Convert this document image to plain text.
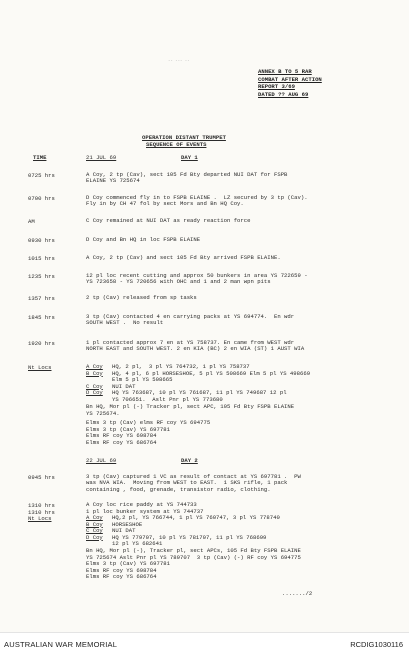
-- --- --
ANNEX B TO 5 RAR
COMBAT AFTER ACTION
REPORT 3/69
DATED ?? AUG 69
OPERATION DISTANT TRUMPET
SEQUENCE OF EVENTS
TIME	21 JUL 69	DAY 1
0725 hrs	A Coy, 2 tp (Cav), sect 105 Fd Bty departed NUI DAT for FSPB
ELAINE YS 725674
0700 hrs	D Coy commenced fly in to FSPB ELAINE .  LZ secured by 3 tp (Cav).
Fly in by CH 47 fol by sect Mors and Bn HQ Coy.
AM	C Coy remained at NUI DAT as ready reaction force
0930 hrs	D Coy and Bn HQ in loc FSPB ELAINE
1015 hrs	A Coy, 2 tp (Cav) and sect 105 Fd Bty arrived FSPB ELAINE.
1235 hrs	12 pl loc recent cutting and approx 50 bunkers in area YS 722659 -
YS 723658 - YS 720656 with OHC and 1 and 2 man wpn pits
1357 hrs	2 tp (Cav) released from sp tasks
1845 hrs	3 tp (Cav) contacted 4 en carrying packs at YS 694774.  En wdr
SOUTH WEST .  No result
1920 hrs	1 pl contacted approx 7 en at YS 758737. En came from WEST wdr
NORTH EAST and SOUTH WEST. 2 en KIA (BC) 2 en WIA (ST) 1 AUST WIA
Nt Locs	A Coy HQ, 2 pl,  3 pl YS 764732, 1 pl YS 758737
B Coy HQ, 4 pl, 6 pl HORSESHOE, 5 pl YS 508669 Elm 5 pl YS 498669
Elm 5 pl YS 508665
C Coy NUI DAT
D Coy HQ YS 763687, 10 pl YS 761687, 11 pl YS 749687 12 pl
YS 706651.  Aslt Pnr pl YS 773680
Bn HQ, Mor pl (-) Tracker pl, sect APC, 105 Fd Bty FSPB ELAINE
YS 725674.
Elms 3 tp (Cav) elms RF coy YS 694775
Elms 3 tp (Cav) YS 697781
Elms RF coy YS 698784
Elms RF coy YS 686764
22 JUL 69	DAY 2
0945 hrs	3 tp (Cav) captured 1 VC as result of contact at YS 697781 .  PW
was NVA WIA.  Moving from WEST to EAST.  1 SKS rifle, 1 pack
containing , food, grenade, transistor radio, clothing.
1310 hrs	A Coy loc rice paddy at YS 744733
1310 hrs	1 pl loc bunker system at YS 744737
Nt Locs	A Coy HQ,2 pl, YS 766744, 1 pl YS 760747, 3 pl YS 778740
B Coy HORSESHOE
C Coy NUI DAT
D Coy HQ YS 779707, 10 pl YS 781707, 11 pl YS 768699
12 pl YS 682641
Bn HQ, Mor pl (-), Tracker pl, sect APCs, 105 Fd Bty FSPB ELAINE
YS 725674 Aslt Pnr pl YS 789707  3 tp (Cav) (-) RF coy YS 694775
Elms 3 tp (Cav) YS 697781
Elms RF coy YS 698784
Elms RF coy YS 686764
......./2
AUSTRALIAN WAR MEMORIAL	RCDIG1030116
